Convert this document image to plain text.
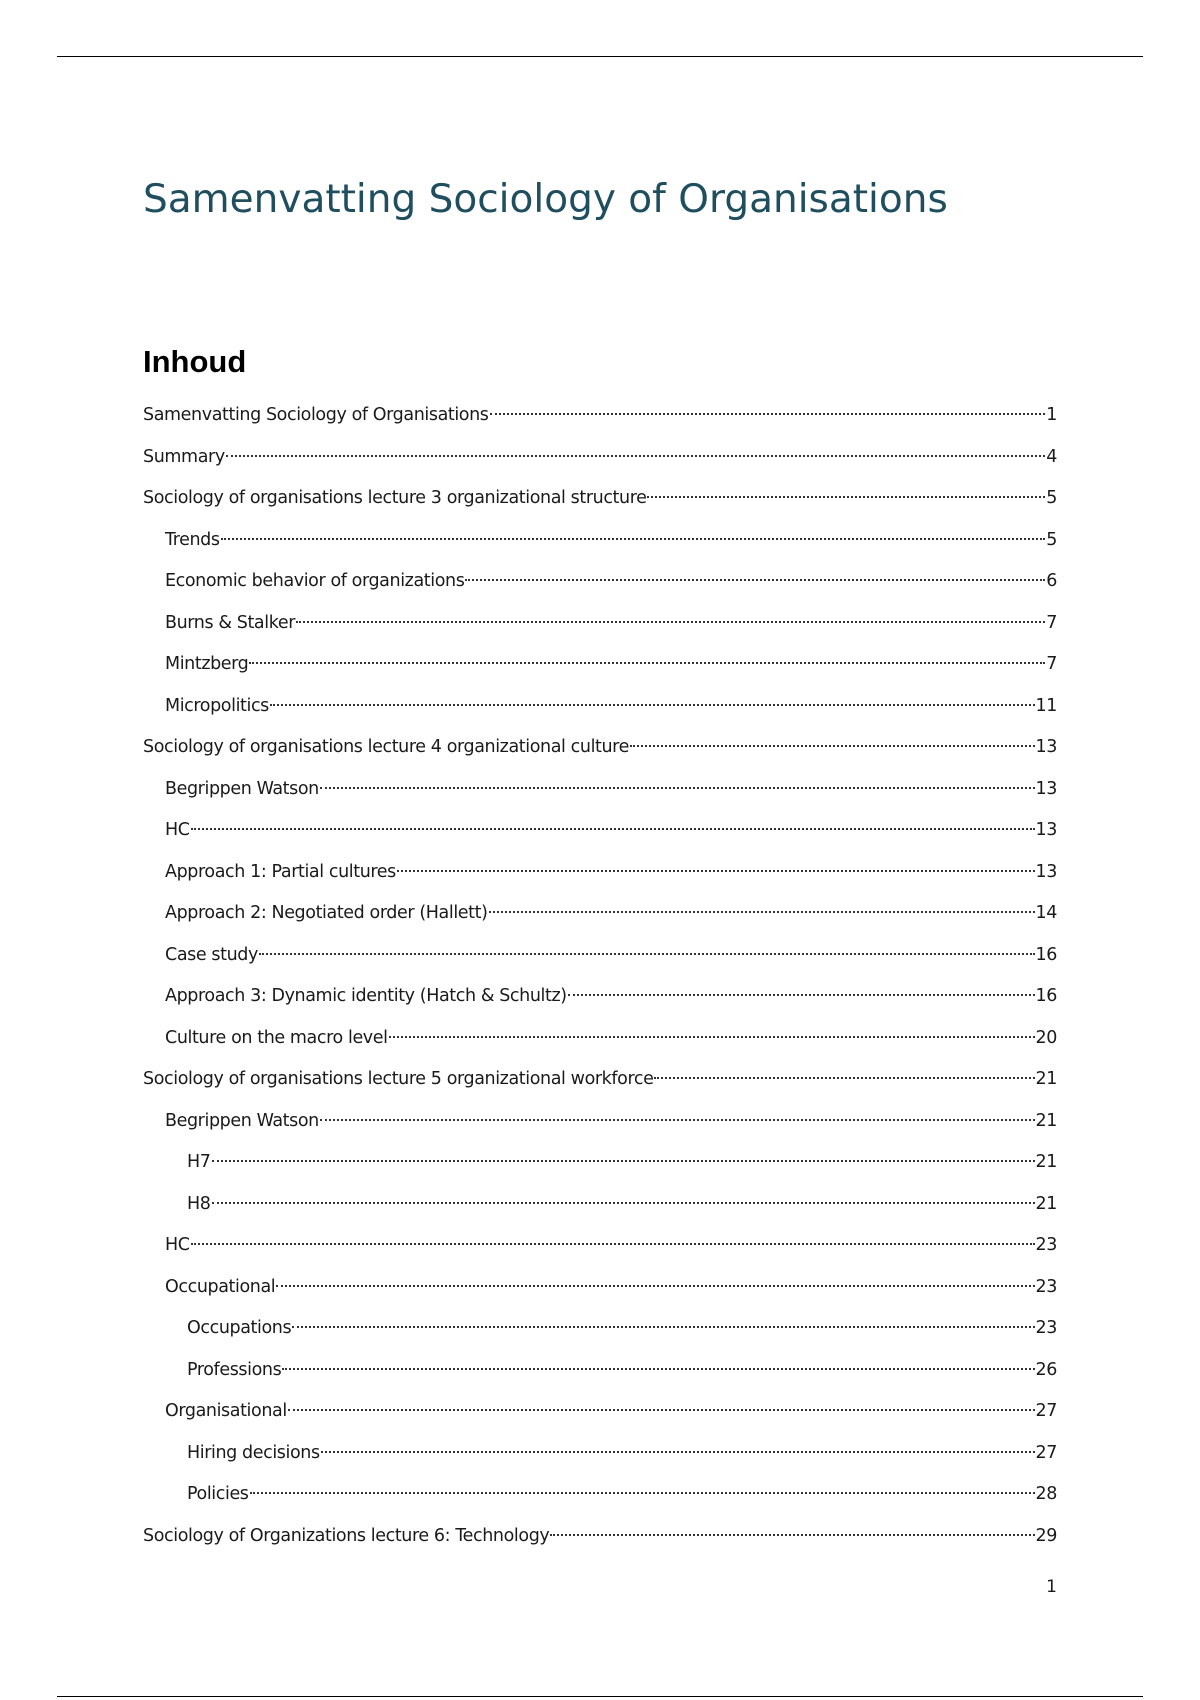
Samenvatting Sociology of Organisations
Inhoud
Samenvatting Sociology of Organisations	1
Summary	4
Sociology of organisations lecture 3 organizational structure	5
Trends	5
Economic behavior of organizations	6
Burns & Stalker	7
Mintzberg	7
Micropolitics	11
Sociology of organisations lecture 4 organizational culture	13
Begrippen Watson	13
HC	13
Approach 1: Partial cultures	13
Approach 2: Negotiated order (Hallett)	14
Case study	16
Approach 3: Dynamic identity (Hatch & Schultz)	16
Culture on the macro level	20
Sociology of organisations lecture 5 organizational workforce	21
Begrippen Watson	21
H7	21
H8	21
HC	23
Occupational	23
Occupations	23
Professions	26
Organisational	27
Hiring decisions	27
Policies	28
Sociology of Organizations lecture 6: Technology	29
1
